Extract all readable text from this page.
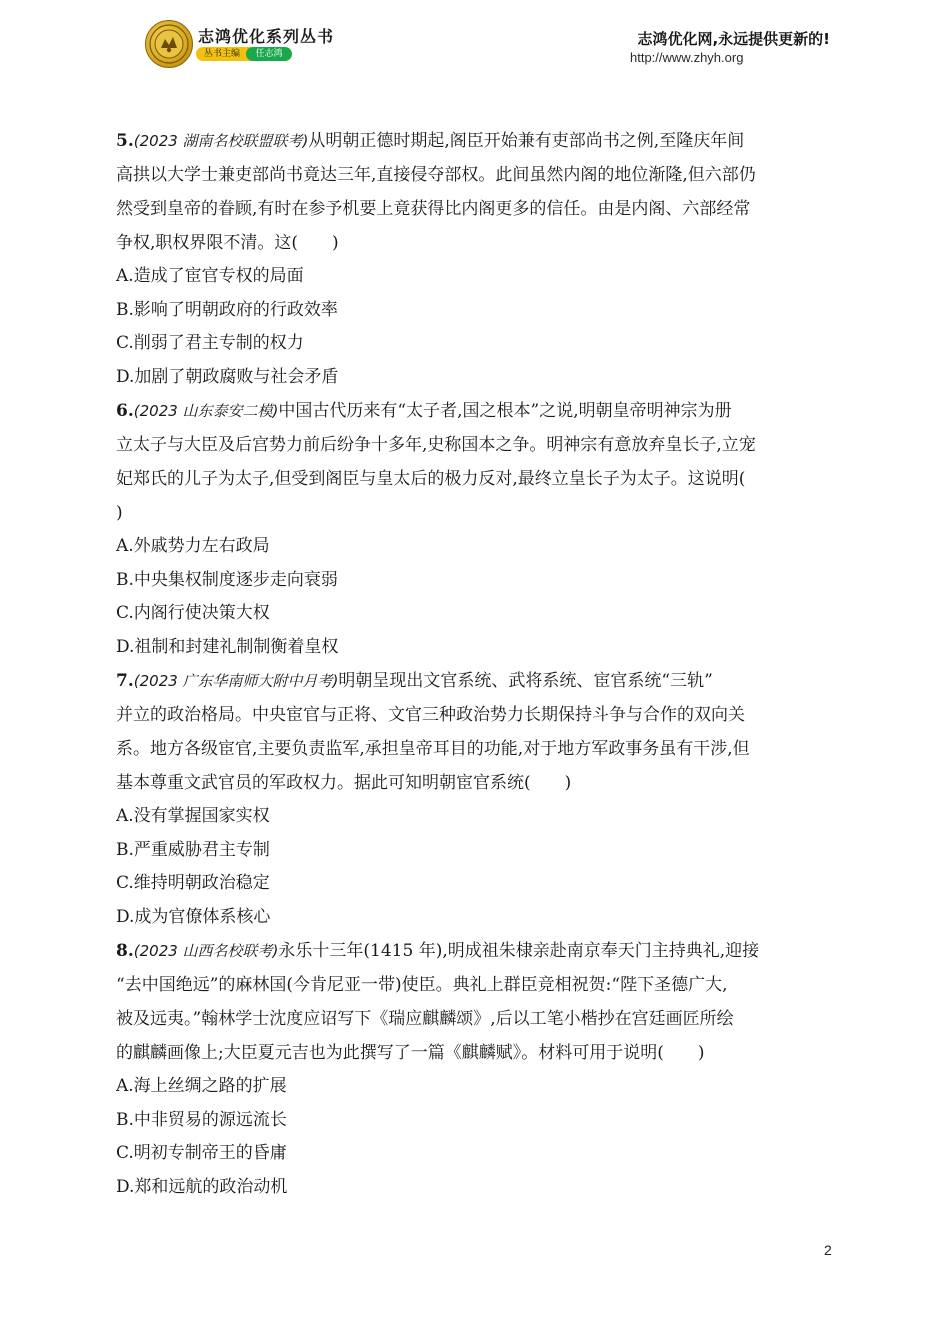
志鸿优化系列丛书
丛书主编	任志鸿
志鸿优化网,永远提供更新的!
http://www.zhyh.org

5.(2023 湖南名校联盟联考)从明朝正德时期起,阁臣开始兼有吏部尚书之例,至隆庆年间

高拱以大学士兼吏部尚书竟达三年,直接侵夺部权。此间虽然内阁的地位渐隆,但六部仍

然受到皇帝的眷顾,有时在参予机要上竟获得比内阁更多的信任。由是内阁、六部经常

争权,职权界限不清。这(　　)

A.造成了宦官专权的局面

B.影响了明朝政府的行政效率

C.削弱了君主专制的权力

D.加剧了朝政腐败与社会矛盾

6.(2023 山东泰安二模)中国古代历来有“太子者,国之根本”之说,明朝皇帝明神宗为册

立太子与大臣及后宫势力前后纷争十多年,史称国本之争。明神宗有意放弃皇长子,立宠

妃郑氏的儿子为太子,但受到阁臣与皇太后的极力反对,最终立皇长子为太子。这说明(

)

A.外戚势力左右政局

B.中央集权制度逐步走向衰弱

C.内阁行使决策大权

D.祖制和封建礼制制衡着皇权

7.(2023 广东华南师大附中月考)明朝呈现出文官系统、武将系统、宦官系统“三轨”

并立的政治格局。中央宦官与正将、文官三种政治势力长期保持斗争与合作的双向关

系。地方各级宦官,主要负责监军,承担皇帝耳目的功能,对于地方军政事务虽有干涉,但

基本尊重文武官员的军政权力。据此可知明朝宦官系统(　　)

A.没有掌握国家实权

B.严重威胁君主专制

C.维持明朝政治稳定

D.成为官僚体系核心

8.(2023 山西名校联考)永乐十三年(1415 年),明成祖朱棣亲赴南京奉天门主持典礼,迎接

“去中国绝远”的麻林国(今肯尼亚一带)使臣。典礼上群臣竞相祝贺:“陛下圣德广大,

被及远夷。”翰林学士沈度应诏写下《瑞应麒麟颂》,后以工笔小楷抄在宫廷画匠所绘

的麒麟画像上;大臣夏元吉也为此撰写了一篇《麒麟赋》。材料可用于说明(　　)

A.海上丝绸之路的扩展

B.中非贸易的源远流长

C.明初专制帝王的昏庸

D.郑和远航的政治动机

2
